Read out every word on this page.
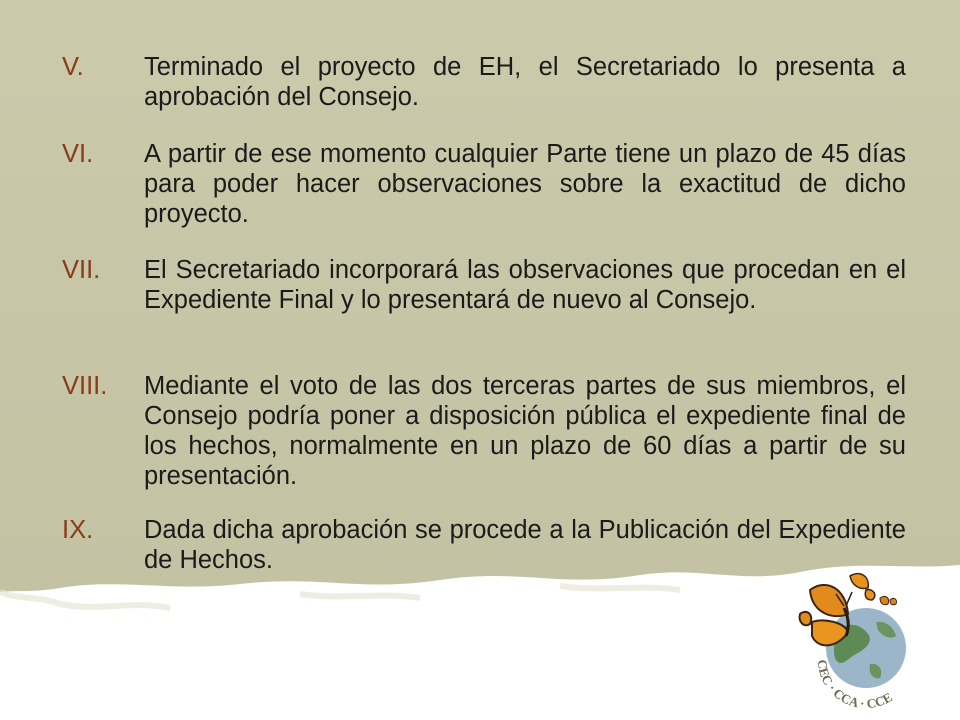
V.	Terminado el proyecto de EH, el Secretariado lo presenta a aprobación del Consejo.
VI.	A partir de ese momento cualquier Parte tiene un plazo de 45 días para poder hacer observaciones sobre la exactitud de dicho proyecto.
VII.	El Secretariado incorporará las observaciones que procedan en el Expediente Final y lo presentará de nuevo al Consejo.
VIII.	Mediante el voto de las dos terceras partes de sus miembros, el Consejo podría poner a disposición pública el expediente final de los hechos, normalmente en un plazo de 60 días a partir de su presentación.
IX.	Dada dicha aprobación se procede a la Publicación del Expediente de Hechos.
CEC · CCA · CCE
